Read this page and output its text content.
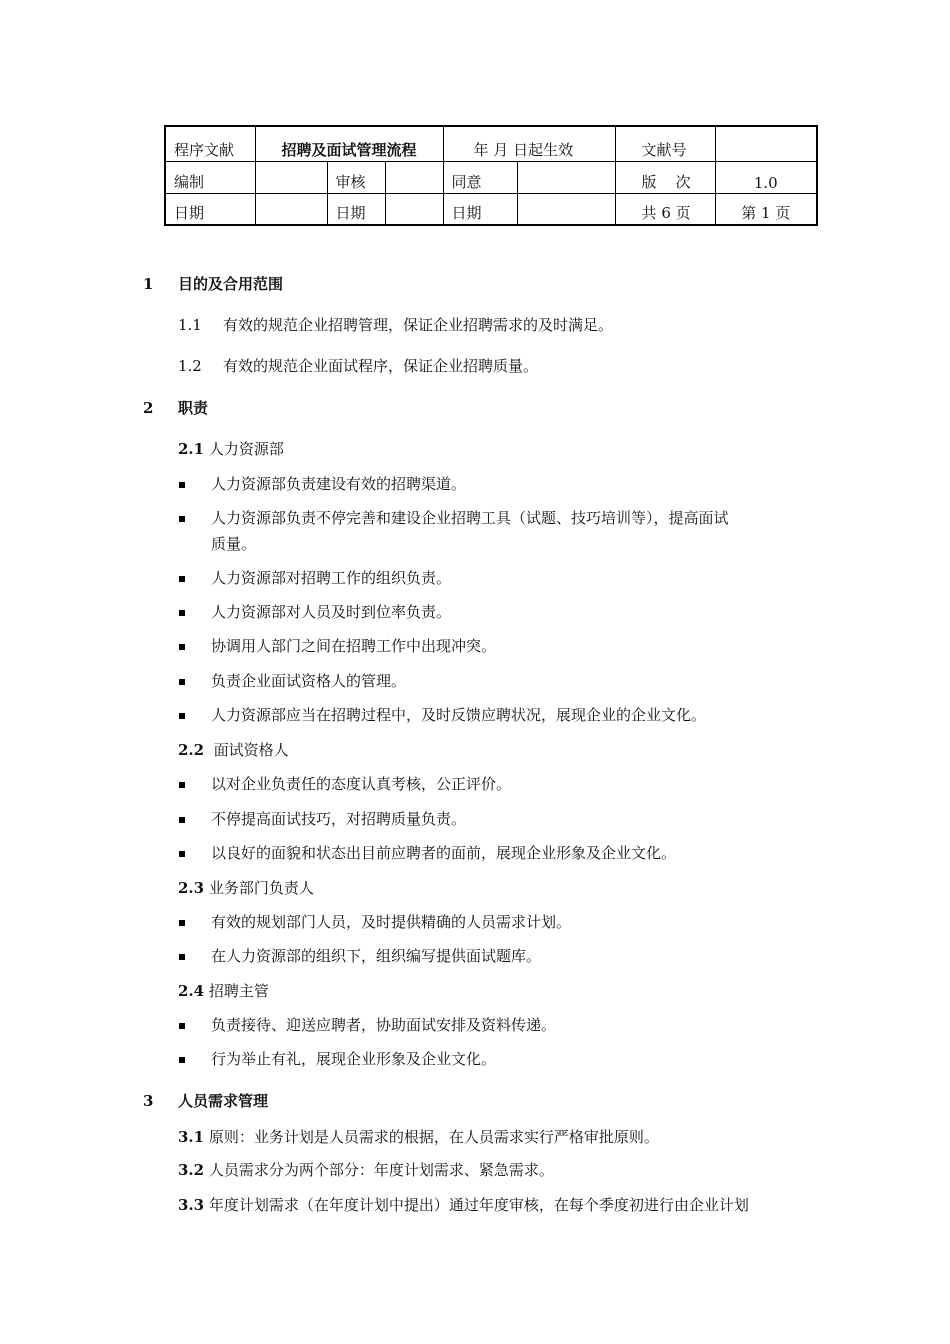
程序文献	招聘及面试管理流程			年 月 日起生效		文献号	
编制		审核		同意		版    次	1.0
日期		日期		日期		共 6 页	第 1 页
1 目的及合用范围
1.1 有效的规范企业招聘管理，保证企业招聘需求的及时满足。
1.2 有效的规范企业面试程序，保证企业招聘质量。
2 职责
2.1 人力资源部
人力资源部负责建设有效的招聘渠道。
人力资源部负责不停完善和建设企业招聘工具（试题、技巧培训等），提高面试
质量。
人力资源部对招聘工作的组织负责。
人力资源部对人员及时到位率负责。
协调用人部门之间在招聘工作中出现冲突。
负责企业面试资格人的管理。
人力资源部应当在招聘过程中，及时反馈应聘状况，展现企业的企业文化。
2.2 面试资格人
以对企业负责任的态度认真考核，公正评价。
不停提高面试技巧，对招聘质量负责。
以良好的面貌和状态出目前应聘者的面前，展现企业形象及企业文化。
2.3 业务部门负责人
有效的规划部门人员，及时提供精确的人员需求计划。
在人力资源部的组织下，组织编写提供面试题库。
2.4 招聘主管
负责接待、迎送应聘者，协助面试安排及资料传递。
行为举止有礼，展现企业形象及企业文化。
3 人员需求管理
3.1 原则：业务计划是人员需求的根据，在人员需求实行严格审批原则。
3.2 人员需求分为两个部分：年度计划需求、紧急需求。
3.3 年度计划需求（在年度计划中提出）通过年度审核，在每个季度初进行由企业计划
